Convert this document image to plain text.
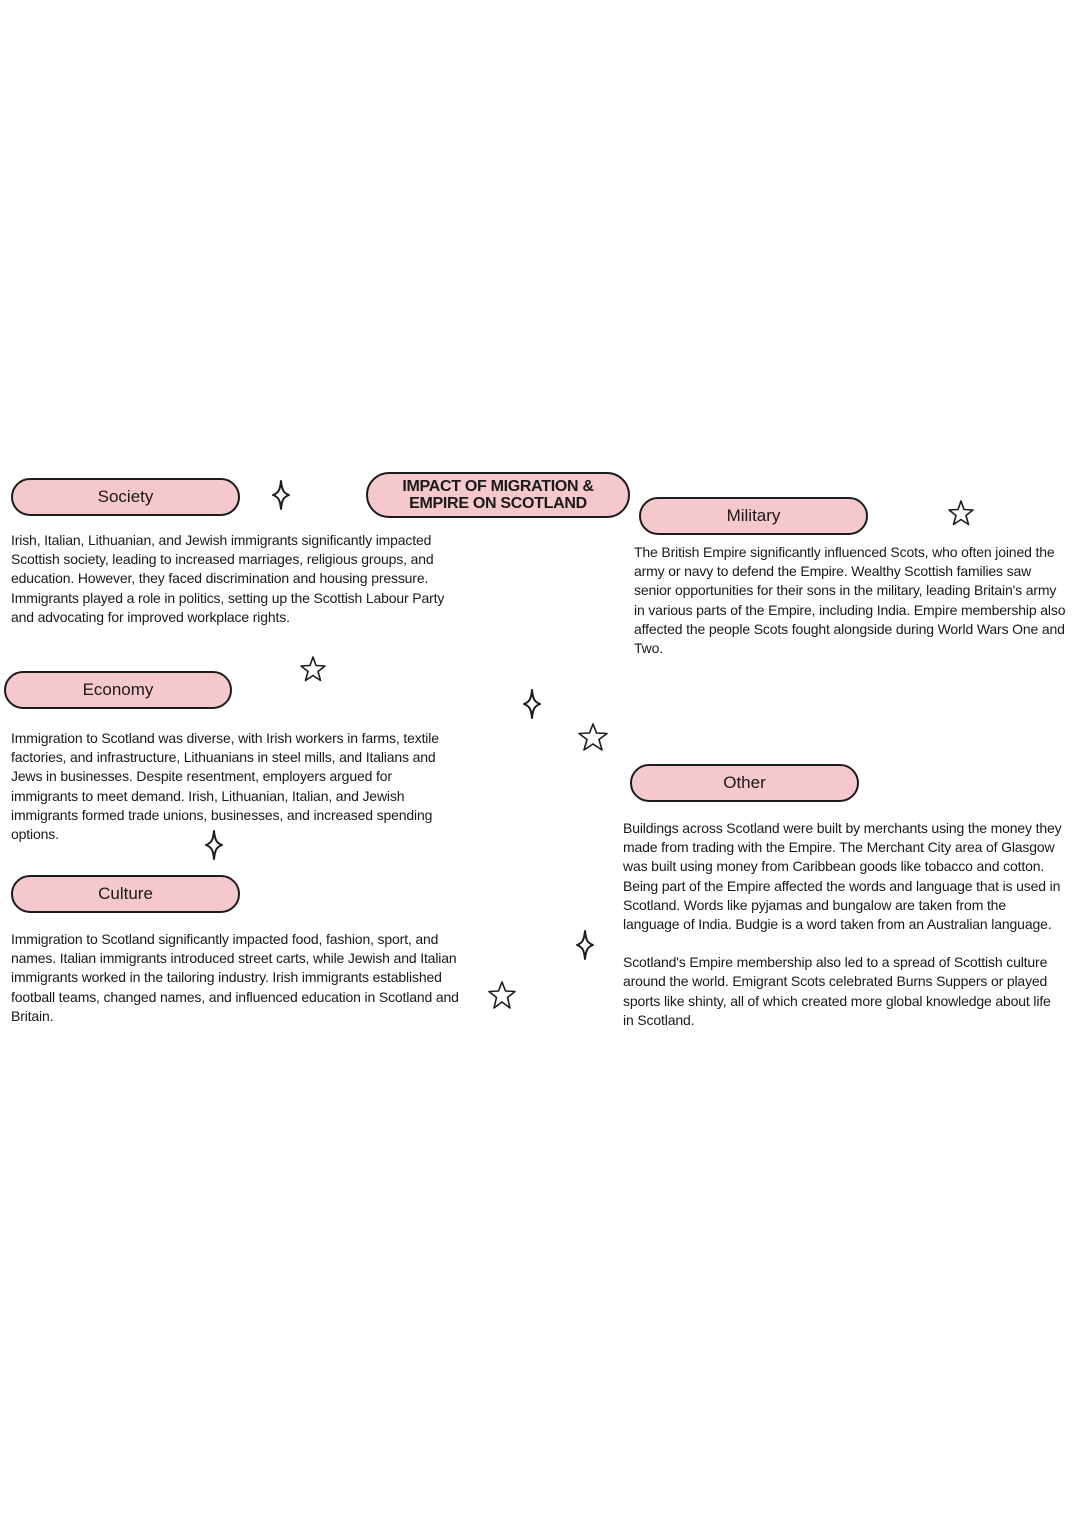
IMPACT OF MIGRATION &
EMPIRE ON SCOTLAND
Society

Irish, Italian, Lithuanian, and Jewish immigrants significantly impacted Scottish society, leading to increased marriages, religious groups, and education. However, they faced discrimination and housing pressure. Immigrants played a role in politics, setting up the Scottish Labour Party and advocating for improved workplace rights.

Economy

Immigration to Scotland was diverse, with Irish workers in farms, textile factories, and infrastructure, Lithuanians in steel mills, and Italians and Jews in businesses. Despite resentment, employers argued for immigrants to meet demand. Irish, Lithuanian, Italian, and Jewish immigrants formed trade unions, businesses, and increased spending options.

Culture

Immigration to Scotland significantly impacted food, fashion, sport, and names. Italian immigrants introduced street carts, while Jewish and Italian immigrants worked in the tailoring industry. Irish immigrants established football teams, changed names, and influenced education in Scotland and Britain.

Military

The British Empire significantly influenced Scots, who often joined the army or navy to defend the Empire. Wealthy Scottish families saw senior opportunities for their sons in the military, leading Britain's army in various parts of the Empire, including India. Empire membership also affected the people Scots fought alongside during World Wars One and Two.

Other

Buildings across Scotland were built by merchants using the money they made from trading with the Empire. The Merchant City area of Glasgow was built using money from Caribbean goods like tobacco and cotton. Being part of the Empire affected the words and language that is used in Scotland. Words like pyjamas and bungalow are taken from the language of India. Budgie is a word taken from an Australian language.

Scotland's Empire membership also led to a spread of Scottish culture around the world. Emigrant Scots celebrated Burns Suppers or played sports like shinty, all of which created more global knowledge about life in Scotland.
